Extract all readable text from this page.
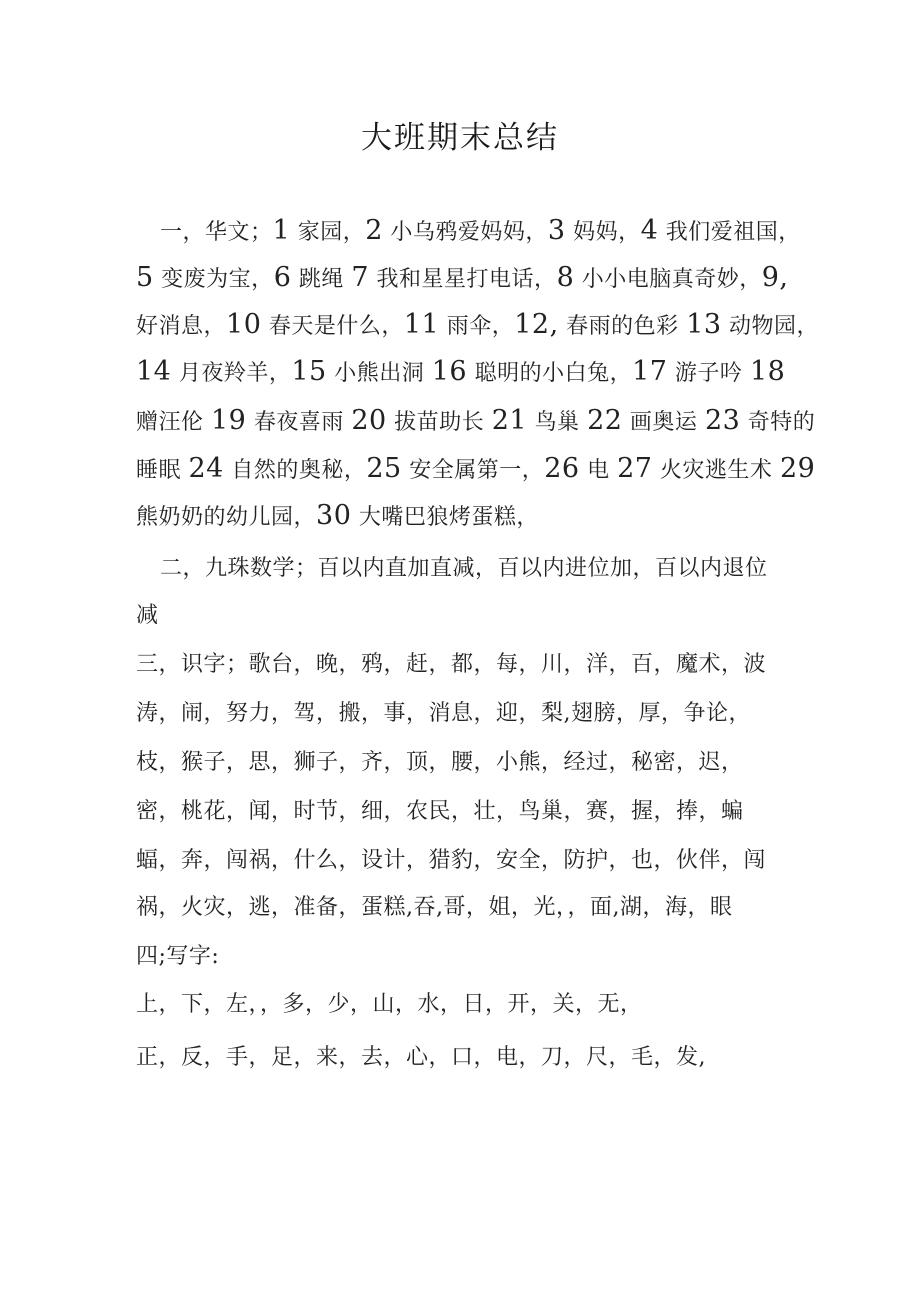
大班期末总结
一，华文；1 家园，2 小乌鸦爱妈妈，3 妈妈，4 我们爱祖国，
5 变废为宝，6 跳绳 7 我和星星打电话，8 小小电脑真奇妙，9,
好消息，10 春天是什么，11 雨伞，12, 春雨的色彩 13 动物园，
14 月夜羚羊，15 小熊出洞 16 聪明的小白兔，17 游子吟 18
赠汪伦 19 春夜喜雨 20 拔苗助长 21 鸟巢 22 画奥运 23 奇特的
睡眠 24 自然的奥秘，25 安全属第一，26 电 27 火灾逃生术 29
熊奶奶的幼儿园，30 大嘴巴狼烤蛋糕，
二，九珠数学；百以内直加直减，百以内进位加，百以内退位
减
三，识字；歌台，晚，鸦，赶，都，每，川，洋，百，魔术，波
涛，闹，努力，驾，搬，事，消息，迎，梨,翅膀，厚，争论，
枝，猴子，思，狮子，齐，顶，腰，小熊，经过，秘密，迟，
密，桃花，闻，时节，细，农民，壮，鸟巢，赛，握，捧，蝙
蝠，奔，闯祸，什么，设计，猎豹，安全，防护，也，伙伴，闯
祸，火灾，逃，准备，蛋糕,吞,哥，姐，光，，面,湖，海，眼
四;写字:
上，下，左，，多，少，山，水，日，开，关，无，
正，反，手，足，来，去，心，口，电，刀，尺，毛，发,
